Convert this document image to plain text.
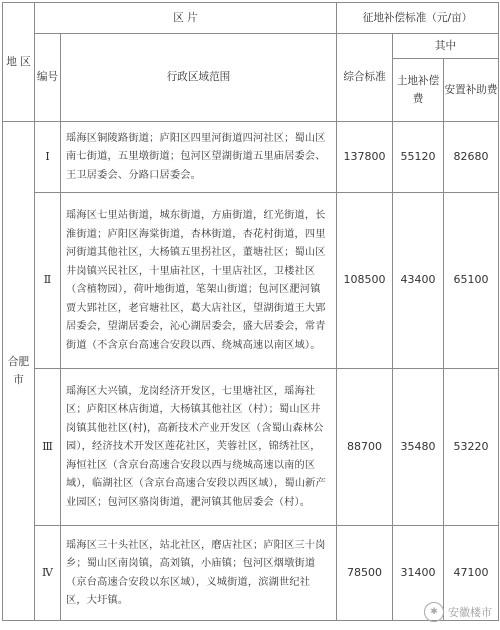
地 区	区 片		征地补偿标准（元/亩）		
	编号	行政区域范围	综合标准	其中	
				土地补偿费	安置补助费
合肥市	Ⅰ	瑶海区铜陵路街道；庐阳区四里河街道四河社区；蜀山区南七街道，五里墩街道；包河区望湖街道五里庙居委会、王卫居委会、分路口居委会。	137800	55120	82680
	Ⅱ	瑶海区七里站街道，城东街道，方庙街道，红光街道，长淮街道；庐阳区海棠街道，杏林街道，杏花村街道，四里河街道其他社区，大杨镇五里拐社区，董塘社区；蜀山区井岗镇兴民社区，十里庙社区，十里店社区，卫楼社区（含植物园），荷叶地街道，笔架山街道；包河区淝河镇贾大郢社区，老官塘社区，葛大店社区，望湖街道王大郢居委会，望湖居委会，沁心湖居委会，盛大居委会，常青街道（不含京台高速合安段以西、绕城高速以南区域）。	108500	43400	65100
	Ⅲ	瑶海区大兴镇，龙岗经济开发区，七里塘社区，瑶海社区；庐阳区林店街道，大杨镇其他社区（村）；蜀山区井岗镇其他社区(村)，高新技术产业开发区（含蜀山森林公园），经济技术开发区莲花社区，芙蓉社区，锦绣社区，海恒社区（含京台高速合安段以西与绕城高速以南的区域），临湖社区（含京台高速合安段以西区域），蜀山新产业园区；包河区骆岗街道，淝河镇其他居委会（村）。	88700	35480	53220
	Ⅳ	瑶海区三十头社区，站北社区，磨店社区；庐阳区三十岗乡；蜀山区南岗镇，高刘镇，小庙镇；包河区烟墩街道（京台高速合安段以东区域），义城街道，滨湖世纪社区，大圩镇。	78500	31400	47100
✱ 安徽楼市
